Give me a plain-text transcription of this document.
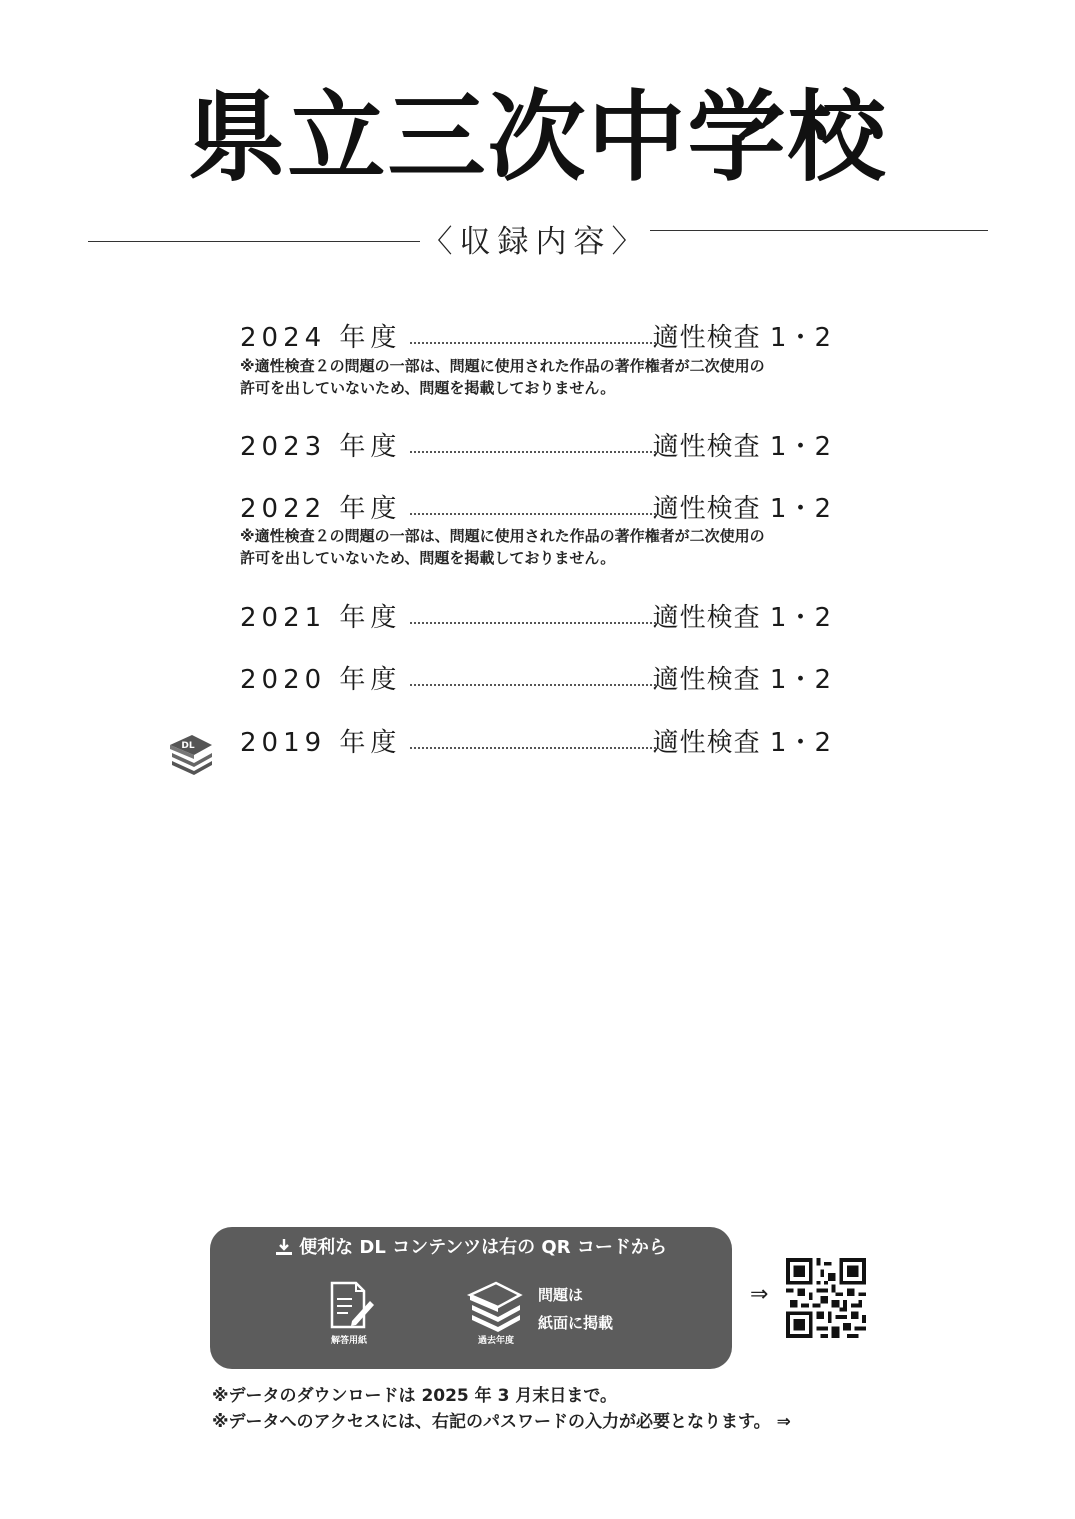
県立三次中学校
〈収録内容〉
2024 年度	適性検査 1・2
※適性検査２の問題の一部は、問題に使用された作品の著作権者が二次使用の
許可を出していないため、問題を掲載しておりません。
2023 年度	適性検査 1・2
2022 年度	適性検査 1・2
※適性検査２の問題の一部は、問題に使用された作品の著作権者が二次使用の
許可を出していないため、問題を掲載しておりません。
2021 年度	適性検査 1・2
2020 年度	適性検査 1・2
2019 年度	適性検査 1・2
DL
便利な DL コンテンツは右の QR コードから
解答用紙	過去年度
問題は
紙面に掲載
⇒
※データのダウンロードは 2025 年 3 月末日まで。
※データへのアクセスには、右記のパスワードの入力が必要となります。 ⇒
